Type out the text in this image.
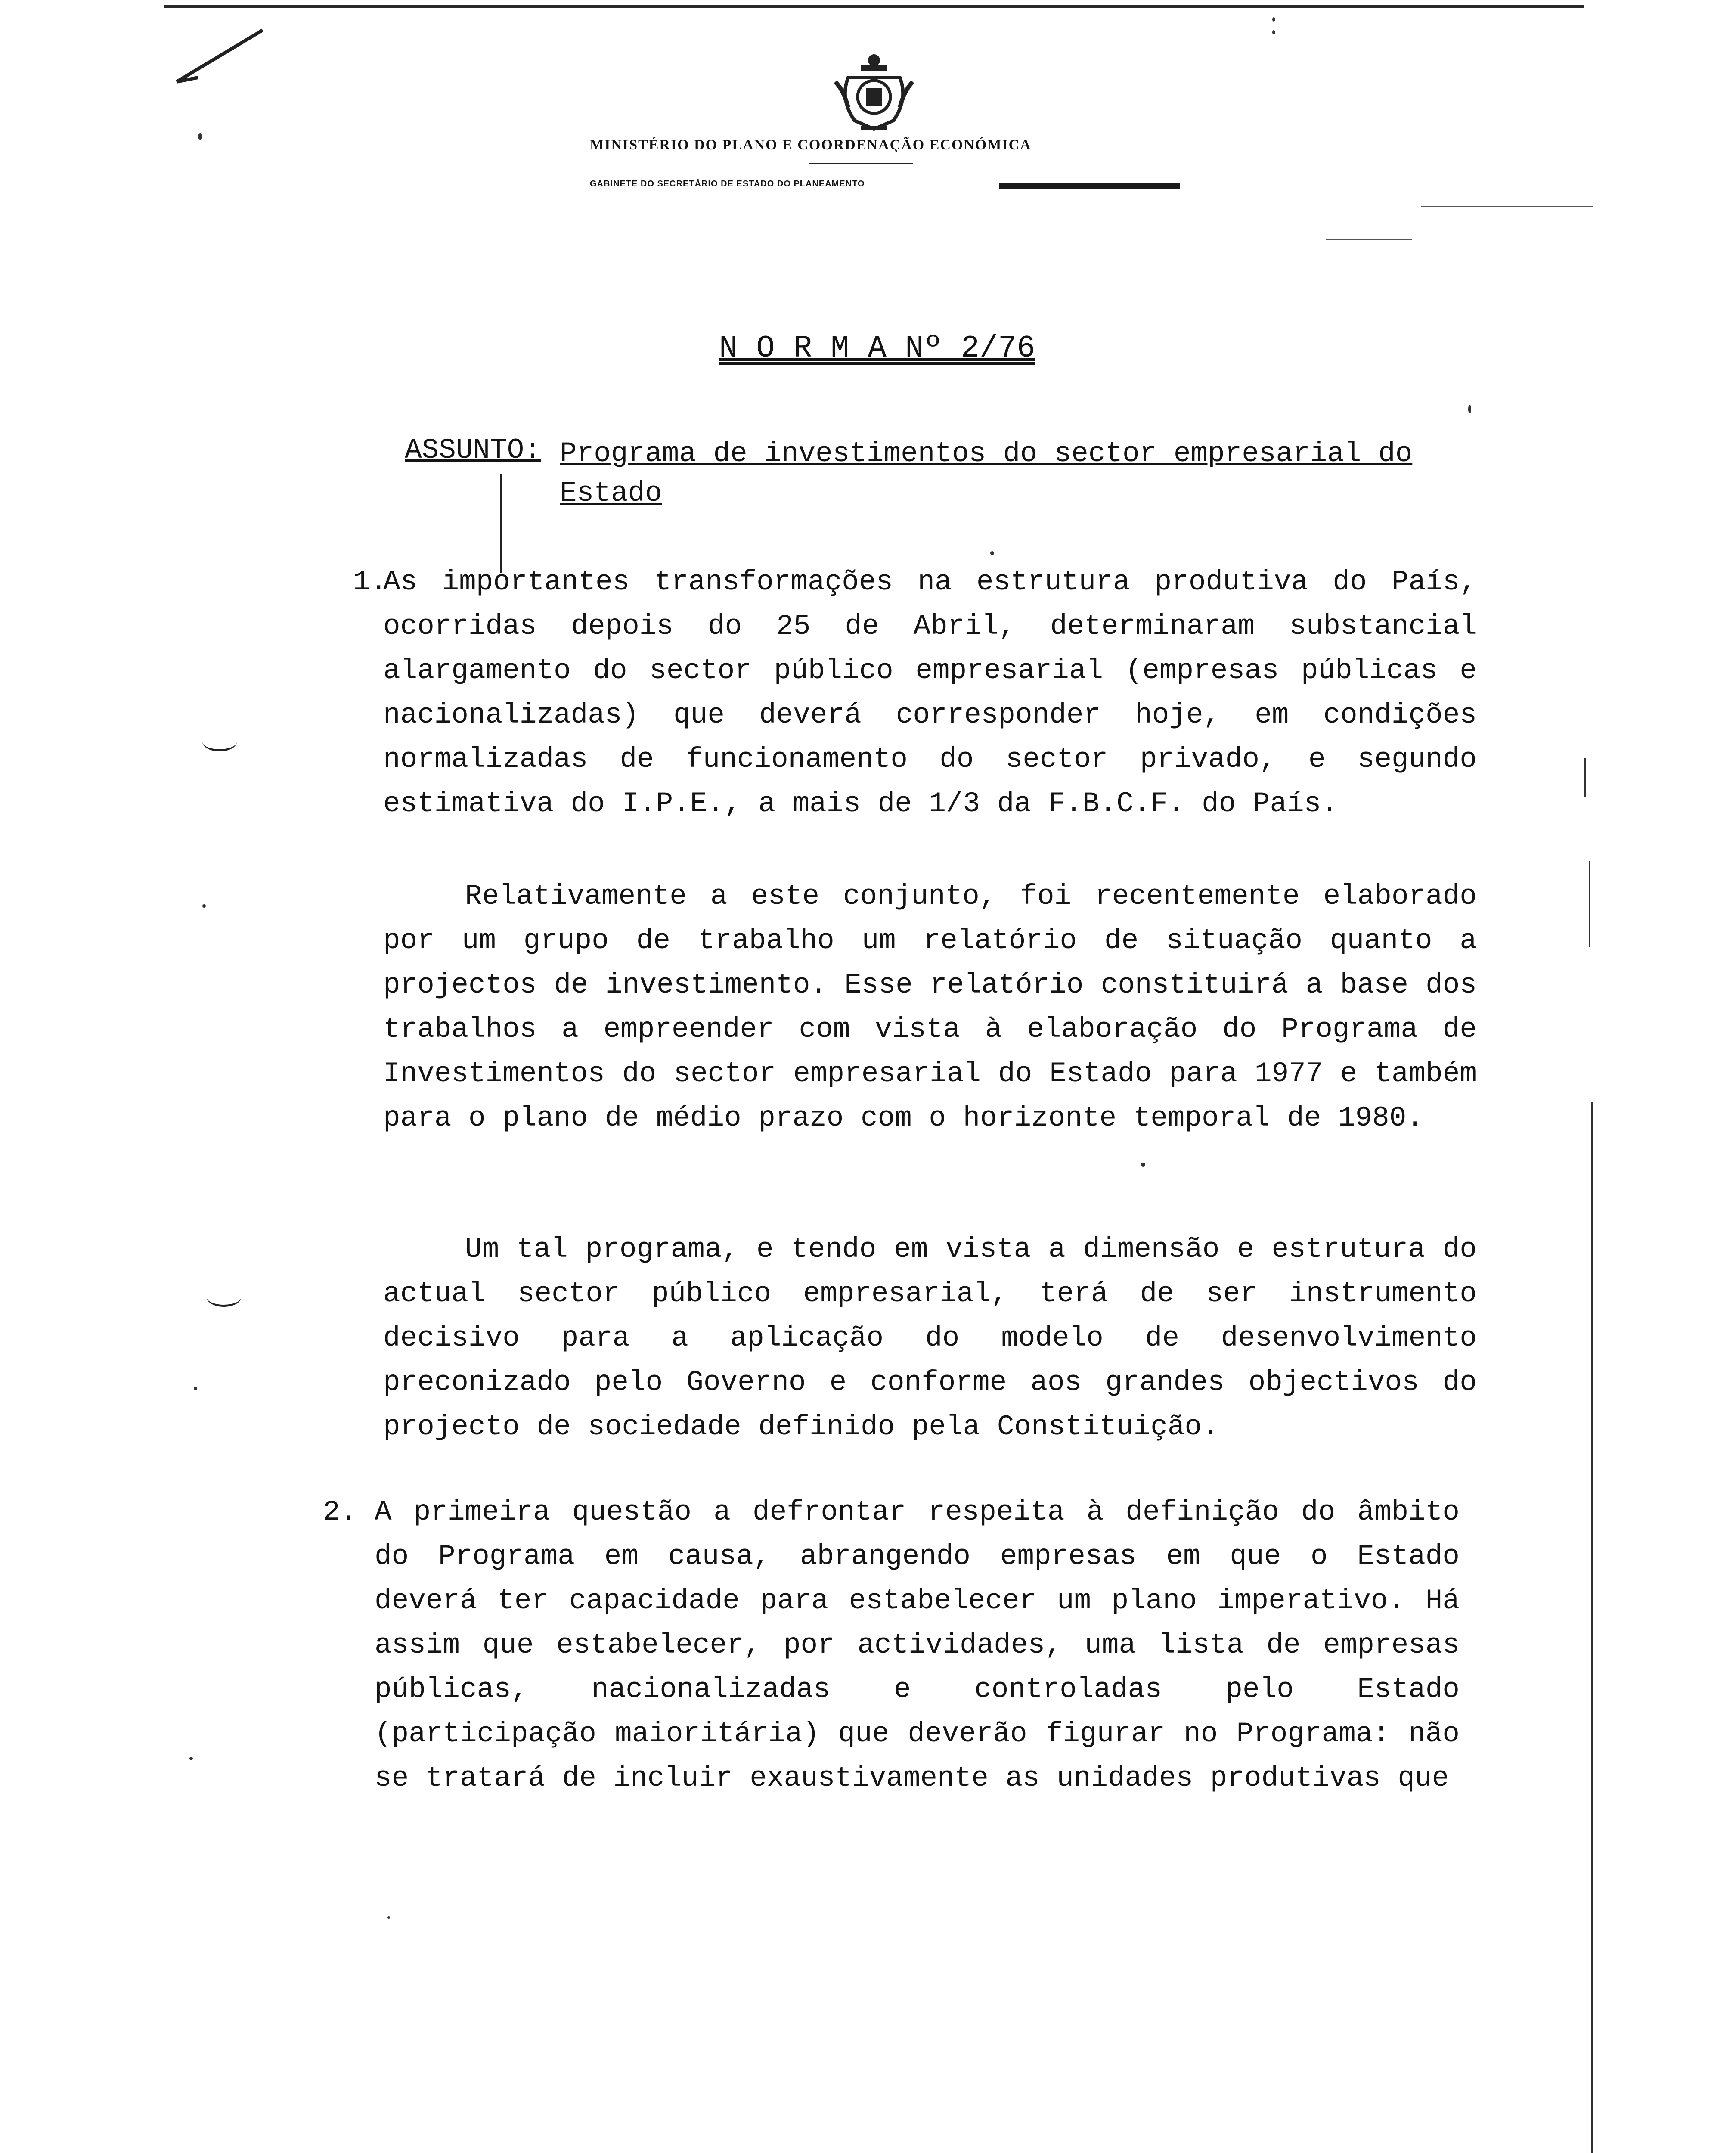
MINISTÉRIO DO PLANO E COORDENAÇÃO ECONÓMICA
GABINETE DO SECRETÁRIO DE ESTADO DO PLANEAMENTO
N O R M A Nº 2/76
ASSUNTO: Programa de investimentos do sector empresarial do Estado
1.
As importantes transformações na estrutura produtiva do País, ocorridas depois do 25 de Abril, determinaram substancial alargamento do sector público empresarial (empresas públicas e nacionalizadas) que deverá corresponder hoje, em condições normalizadas de funcionamento do sector privado, e segundo estimativa do I.P.E., a mais de 1/3 da F.B.C.F. do País.
Relativamente a este conjunto, foi recentemente elaborado por um grupo de trabalho um relatório de situação quanto a projectos de investimento. Esse relatório constituirá a base dos trabalhos a empreender com vista à elaboração do Programa de Investimentos do sector empresarial do Estado para 1977 e também para o plano de médio prazo com o horizonte temporal de 1980.
Um tal programa, e tendo em vista a dimensão e estrutura do actual sector público empresarial, terá de ser instrumento decisivo para a aplicação do modelo de desenvolvimento preconizado pelo Governo e conforme aos grandes objectivos do projecto de sociedade definido pela Constituição.
2. A primeira questão a defrontar respeita à definição do âmbito do Programa em causa, abrangendo empresas em que o Estado deverá ter capacidade para estabelecer um plano imperativo. Há assim que estabelecer, por actividades, uma lista de empresas públicas, nacionalizadas e controladas pelo Estado (participação maioritária) que deverão figurar no Programa: não se tratará de incluir exaustivamente as unidades produtivas que
